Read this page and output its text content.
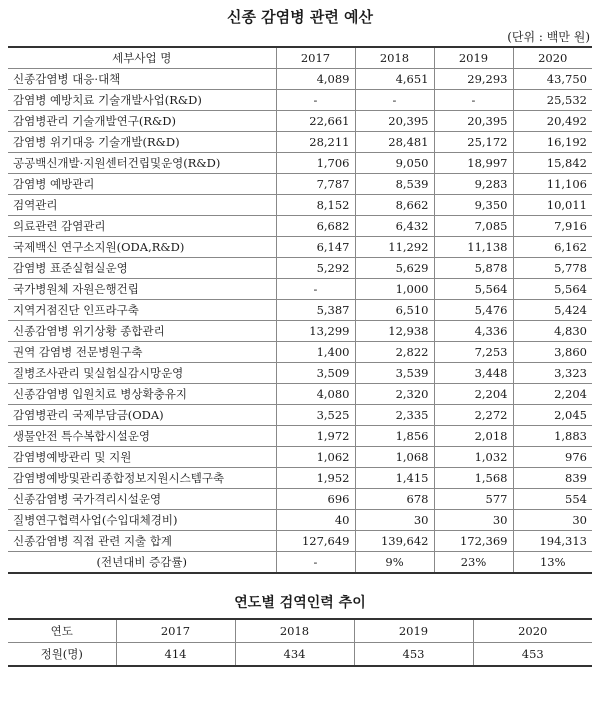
신종 감염병 관련 예산
(단위 : 백만 원)
세부사업 명	2017	2018	2019	2020
신종감염병 대응·대책	4,089	4,651	29,293	43,750
감염병 예방치료 기술개발사업(R&D)	-	-	-	25,532
감염병관리 기술개발연구(R&D)	22,661	20,395	20,395	20,492
감염병 위기대응 기술개발(R&D)	28,211	28,481	25,172	16,192
공공백신개발·지원센터건립및운영(R&D)	1,706	9,050	18,997	15,842
감염병 예방관리	7,787	8,539	9,283	11,106
검역관리	8,152	8,662	9,350	10,011
의료관련 감염관리	6,682	6,432	7,085	7,916
국제백신 연구소지원(ODA,R&D)	6,147	11,292	11,138	6,162
감염병 표준실험실운영	5,292	5,629	5,878	5,778
국가병원체 자원은행건립	-	1,000	5,564	5,564
지역거점진단 인프라구축	5,387	6,510	5,476	5,424
신종감염병 위기상황 종합관리	13,299	12,938	4,336	4,830
권역 감염병 전문병원구축	1,400	2,822	7,253	3,860
질병조사관리 및실험실감시망운영	3,509	3,539	3,448	3,323
신종감염병 입원치료 병상확충유지	4,080	2,320	2,204	2,204
감염병관리 국제부담금(ODA)	3,525	2,335	2,272	2,045
생물안전 특수복합시설운영	1,972	1,856	2,018	1,883
감염병예방관리 및 지원	1,062	1,068	1,032	976
감염병예방및관리종합정보지원시스템구축	1,952	1,415	1,568	839
신종감염병 국가격리시설운영	696	678	577	554
질병연구협력사업(수입대체경비)	40	30	30	30
신종감염병 직접 관련 지출 합계	127,649	139,642	172,369	194,313
(전년대비 증감률)	-	9%	23%	13%
연도별 검역인력 추이
연도	2017	2018	2019	2020
정원(명)	414	434	453	453
